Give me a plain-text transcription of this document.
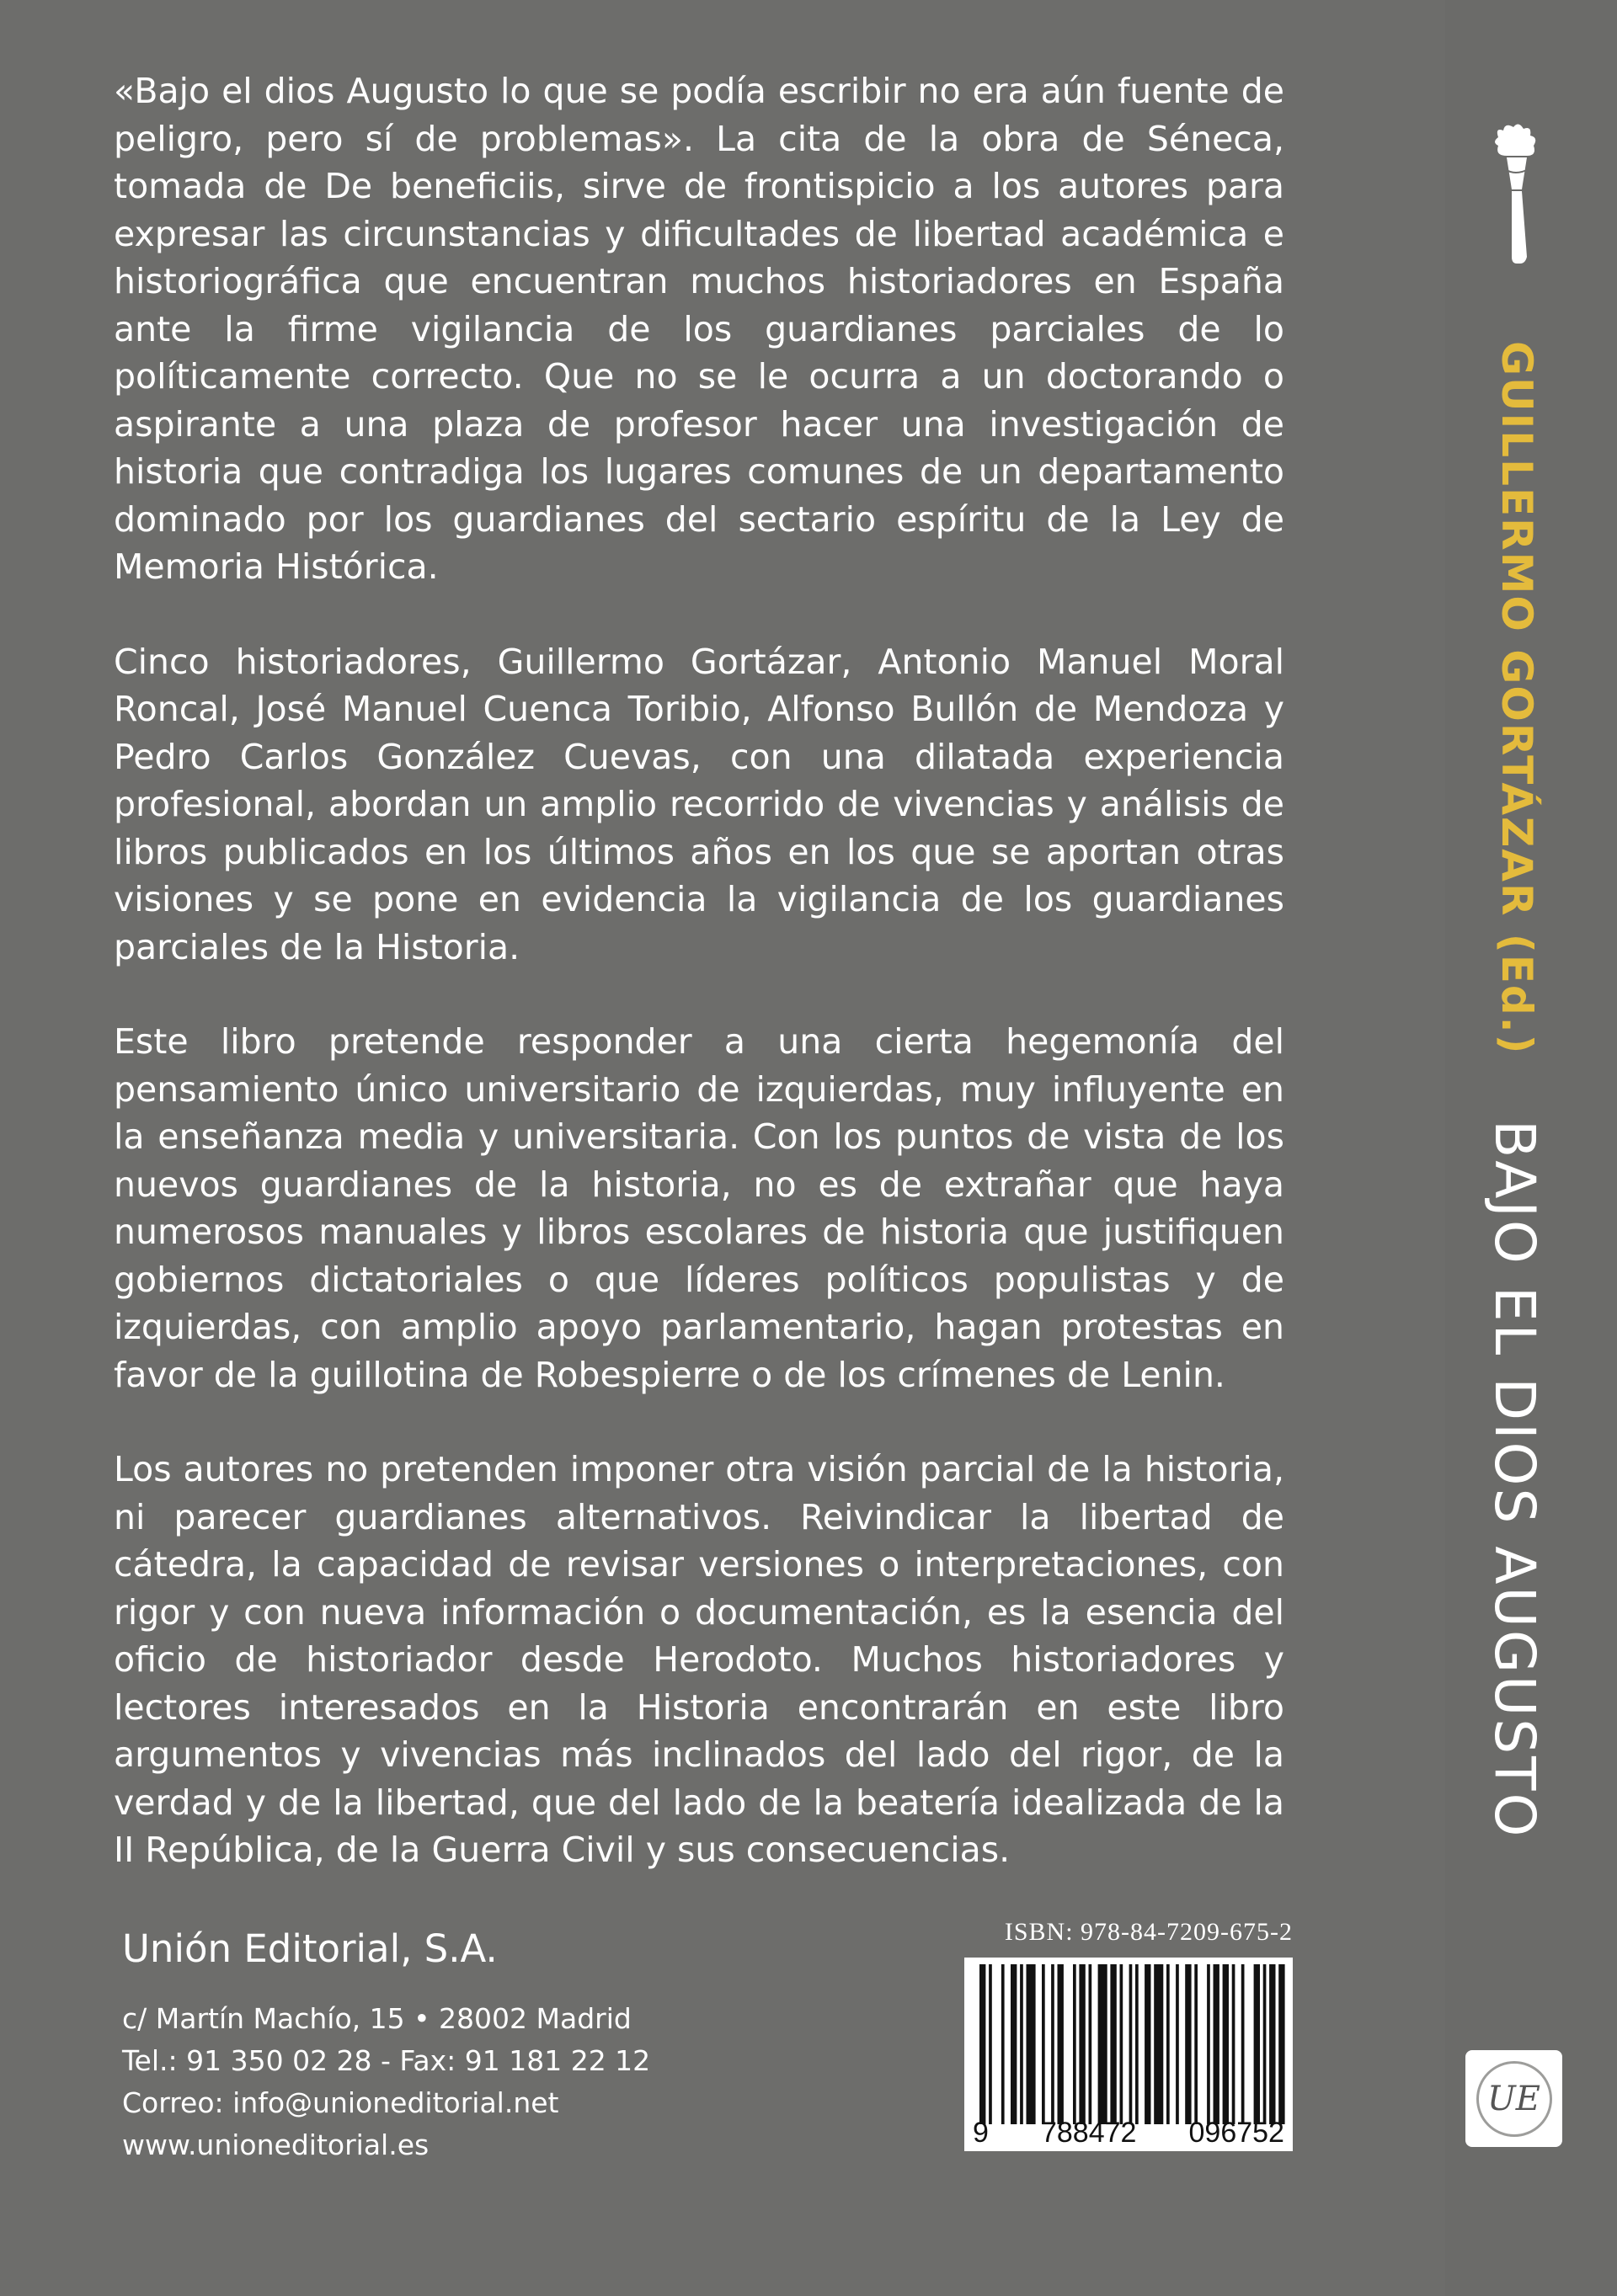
«Bajo el dios Augusto lo que se podía escribir no era aún fuente de peligro, pero sí de problemas». La cita de la obra de Séneca, tomada de De beneficiis, sirve de frontispicio a los autores para expresar las circunstancias y dificultades de libertad académica e historiográfica que encuentran muchos historiadores en España ante la firme vigilancia de los guardianes parciales de lo políticamente correcto. Que no se le ocurra a un doctorando o aspirante a una plaza de profesor hacer una investigación de historia que contradiga los lugares comunes de un departamento dominado por los guardianes del sectario espíritu de la Ley de Memoria Histórica.

Cinco historiadores, Guillermo Gortázar, Antonio Manuel Moral Roncal, José Manuel Cuenca Toribio, Alfonso Bullón de Mendoza y Pedro Carlos González Cuevas, con una dilatada experiencia profesional, abordan un amplio recorrido de vivencias y análisis de libros publicados en los últimos años en los que se aportan otras visiones y se pone en evidencia la vigilancia de los guardianes parciales de la Historia.

Este libro pretende responder a una cierta hegemonía del pensamiento único universitario de izquierdas, muy influyente en la enseñanza media y universitaria. Con los puntos de vista de los nuevos guardianes de la historia, no es de extrañar que haya numerosos manuales y libros escolares de historia que justifiquen gobiernos dictatoriales o que líderes políticos populistas y de izquierdas, con amplio apoyo parlamentario, hagan protestas en favor de la guillotina de Robespierre o de los crímenes de Lenin.

Los autores no pretenden imponer otra visión parcial de la historia, ni parecer guardianes alternativos. Reivindicar la libertad de cátedra, la capacidad de revisar versiones o interpretaciones, con rigor y con nueva información o documentación, es la esencia del oficio de historiador desde Herodoto. Muchos historiadores y lectores interesados en la Historia encontrarán en este libro argumentos y vivencias más inclinados del lado del rigor, de la verdad y de la libertad, que del lado de la beatería idealizada de la II República, de la Guerra Civil y sus consecuencias.

Unión Editorial, S.A.
c/ Martín Machío, 15 • 28002 Madrid
Tel.: 91 350 02 28 - Fax: 91 181 22 12
Correo: info@unioneditorial.net
www.unioneditorial.es
ISBN: 978-84-7209-675-2
9 788472 096752
GUILLERMO GORTÁZAR (Ed.)
BAJO EL DIOS AUGUSTO
UE
